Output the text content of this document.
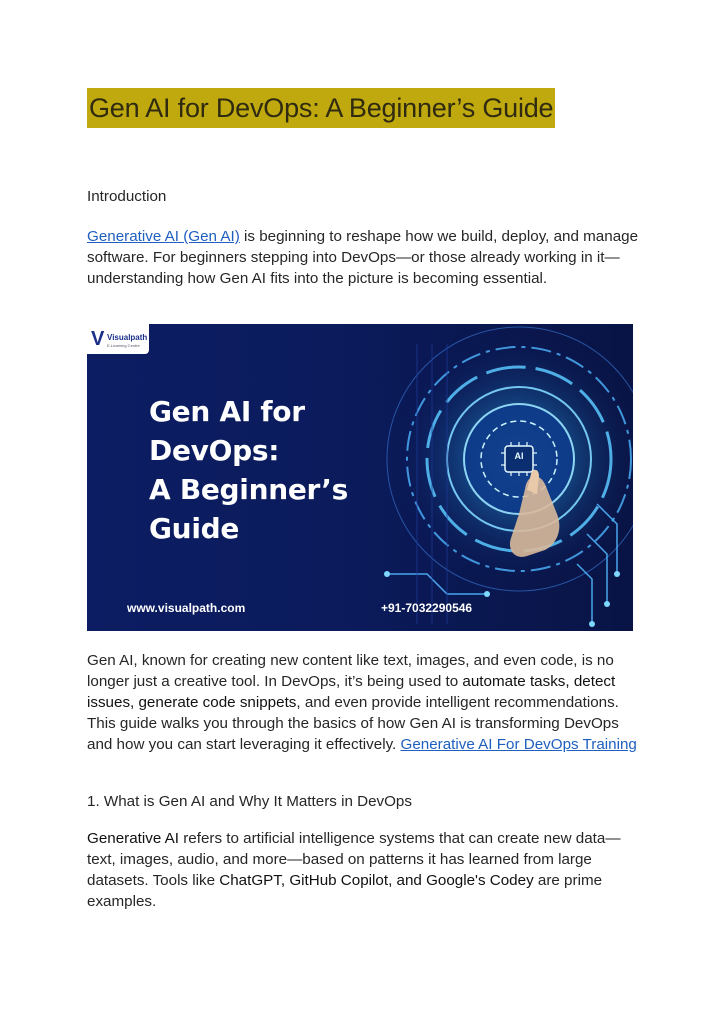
Gen AI for DevOps: A Beginner’s Guide
Introduction
Generative AI (Gen AI) is beginning to reshape how we build, deploy, and manage software. For beginners stepping into DevOps—or those already working in it—understanding how Gen AI fits into the picture is becoming essential.
V Visualpath
E-Learning Centre
Gen AI for
DevOps:
A Beginner’s
Guide
AI
www.visualpath.com	+91-7032290546
Gen AI, known for creating new content like text, images, and even code, is no longer just a creative tool. In DevOps, it’s being used to automate tasks, detect issues, generate code snippets, and even provide intelligent recommendations. This guide walks you through the basics of how Gen AI is transforming DevOps and how you can start leveraging it effectively. Generative AI For DevOps Training
1. What is Gen AI and Why It Matters in DevOps
Generative AI refers to artificial intelligence systems that can create new data—text, images, audio, and more—based on patterns it has learned from large datasets. Tools like ChatGPT, GitHub Copilot, and Google's Codey are prime examples.
